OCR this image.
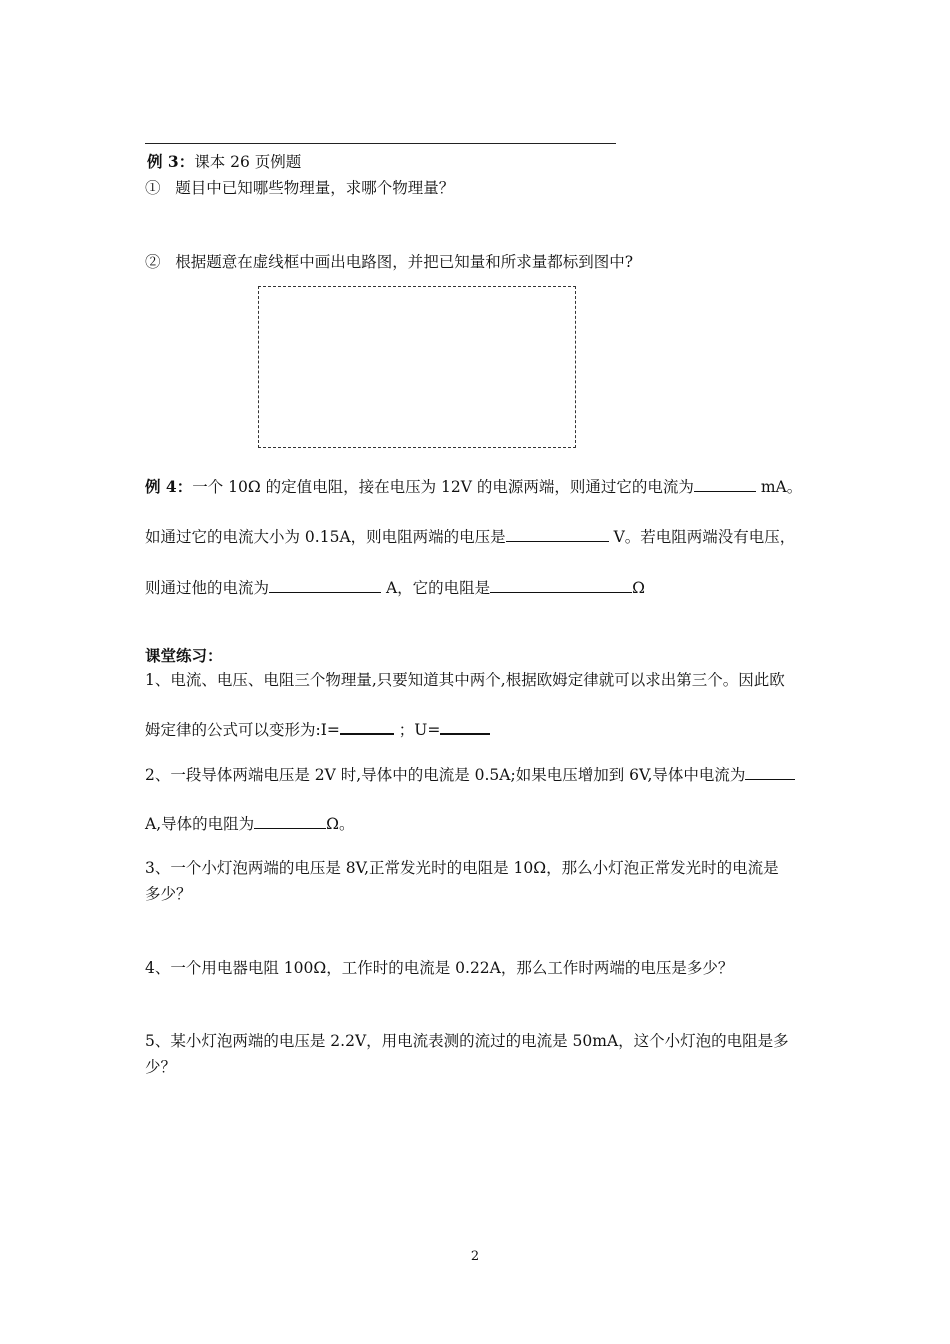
例 3：课本 26 页例题
① 题目中已知哪些物理量，求哪个物理量？
② 根据题意在虚线框中画出电路图，并把已知量和所求量都标到图中?
例 4：一个 10Ω 的定值电阻，接在电压为 12V 的电源两端，则通过它的电流为	mA。
如通过它的电流大小为 0.15A，则电阻两端的电压是	V。若电阻两端没有电压，
则通过他的电流为	A，它的电阻是	Ω
课堂练习：
1、电流、电压、电阻三个物理量,只要知道其中两个,根据欧姆定律就可以求出第三个。因此欧
姆定律的公式可以变形为:I=	；U=
2、一段导体两端电压是 2V 时,导体中的电流是 0.5A;如果电压增加到 6V,导体中电流为
A,导体的电阻为	Ω。
3、一个小灯泡两端的电压是 8V,正常发光时的电阻是 10Ω，那么小灯泡正常发光时的电流是
多少？
4、一个用电器电阻 100Ω，工作时的电流是 0.22A，那么工作时两端的电压是多少？
5、某小灯泡两端的电压是 2.2V，用电流表测的流过的电流是 50mA，这个小灯泡的电阻是多
少？
2
